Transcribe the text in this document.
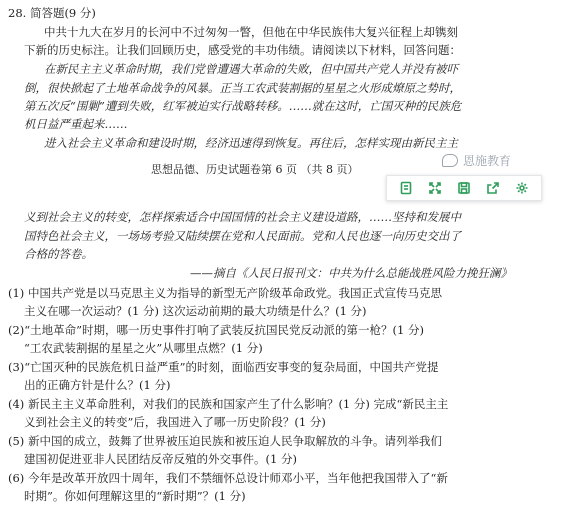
28. 简答题(9 分)
中共十九大在岁月的长河中不过匆匆一瞥，但他在中华民族伟大复兴征程上却镌刻
下新的历史标注。让我们回顾历史，感受党的丰功伟绩。请阅读以下材料，回答问题：
在新民主主义革命时期，我们党曾遭遇大革命的失败，但中国共产党人并没有被吓
倒，很快掀起了土地革命战争的风暴。正当工农武装割据的星星之火形成燎原之势时，
第五次反“围剿”遭到失败，红军被迫实行战略转移。……就在这时，亡国灭种的民族危
机日益严重起来……
进入社会主义革命和建设时期，经济迅速得到恢复。再往后，怎样实现由新民主主
思想品德、历史试题卷第 6 页 （共 8 页）
恩施教育
义到社会主义的转变，怎样探索适合中国国情的社会主义建设道路，……坚持和发展中
国特色社会主义，一场场考验又陆续摆在党和人民面前。党和人民也逐一向历史交出了
合格的答卷。
——摘自《人民日报刊文：中共为什么总能战胜风险力挽狂澜》
(1) 中国共产党是以马克思主义为指导的新型无产阶级革命政党。我国正式宣传马克思
主义在哪一次运动？(1 分) 这次运动前期的最大功绩是什么？(1 分)
(2)“土地革命”时期，哪一历史事件打响了武装反抗国民党反动派的第一枪？(1 分)
“工农武装割据的星星之火”从哪里点燃？(1 分)
(3)“亡国灭种的民族危机日益严重”的时刻，面临西安事变的复杂局面，中国共产党提
出的正确方针是什么？(1 分)
(4) 新民主主义革命胜利，对我们的民族和国家产生了什么影响？(1 分) 完成“新民主主
义到社会主义的转变”后，我国进入了哪一历史阶段？(1 分)
(5) 新中国的成立，鼓舞了世界被压迫民族和被压迫人民争取解放的斗争。请列举我们
建国初促进亚非人民团结反帝反殖的外交事件。(1 分)
(6) 今年是改革开放四十周年，我们不禁缅怀总设计师邓小平，当年他把我国带入了“新
时期”。你如何理解这里的“新时期”？(1 分)
